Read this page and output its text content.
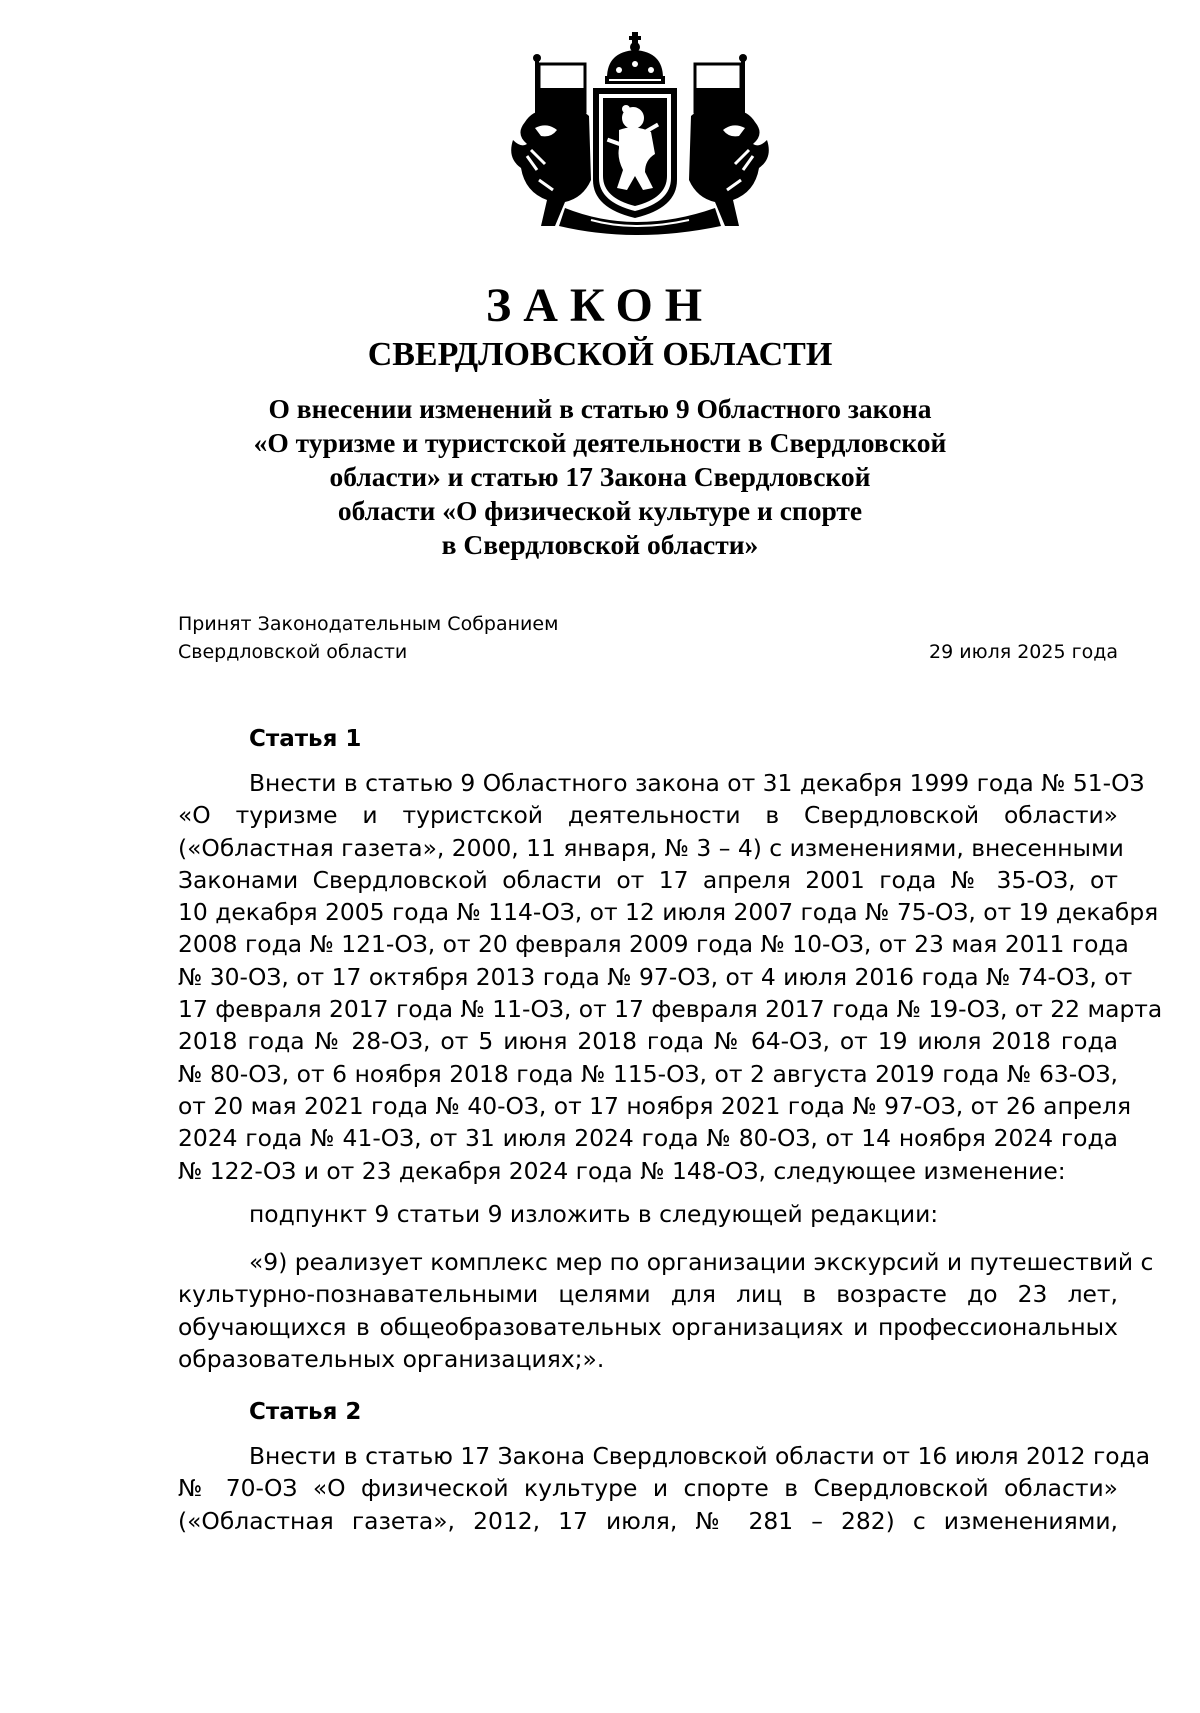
ЗАКОН
СВЕРДЛОВСКОЙ ОБЛАСТИ
О внесении изменений в статью 9 Областного закона
«О туризме и туристской деятельности в Свердловской
области» и статью 17 Закона Свердловской
области «О физической культуре и спорте
в Свердловской области»
Принят Законодательным Собранием
Свердловской области	29 июля 2025 года
Статья 1
Внести в статью 9 Областного закона от 31 декабря 1999 года № 51-ОЗ
«О туризме и туристской деятельности в Свердловской области»
(«Областная газета», 2000, 11 января, № 3 – 4) с изменениями, внесенными
Законами Свердловской области от 17 апреля 2001 года № 35-ОЗ, от
10 декабря 2005 года № 114-ОЗ, от 12 июля 2007 года № 75-ОЗ, от 19 декабря
2008 года № 121-ОЗ, от 20 февраля 2009 года № 10-ОЗ, от 23 мая 2011 года
№ 30-ОЗ, от 17 октября 2013 года № 97-ОЗ, от 4 июля 2016 года № 74-ОЗ, от
17 февраля 2017 года № 11-ОЗ, от 17 февраля 2017 года № 19-ОЗ, от 22 марта
2018 года № 28-ОЗ, от 5 июня 2018 года № 64-ОЗ, от 19 июля 2018 года
№ 80-ОЗ, от 6 ноября 2018 года № 115-ОЗ, от 2 августа 2019 года № 63-ОЗ,
от 20 мая 2021 года № 40-ОЗ, от 17 ноября 2021 года № 97-ОЗ, от 26 апреля
2024 года № 41-ОЗ, от 31 июля 2024 года № 80-ОЗ, от 14 ноября 2024 года
№ 122-ОЗ и от 23 декабря 2024 года № 148-ОЗ, следующее изменение:
подпункт 9 статьи 9 изложить в следующей редакции:
«9) реализует комплекс мер по организации экскурсий и путешествий с
культурно-познавательными целями для лиц в возрасте до 23 лет,
обучающихся в общеобразовательных организациях и профессиональных
образовательных организациях;».
Статья 2
Внести в статью 17 Закона Свердловской области от 16 июля 2012 года
№ 70-ОЗ «О физической культуре и спорте в Свердловской области»
(«Областная газета», 2012, 17 июля, № 281 – 282) с изменениями,
